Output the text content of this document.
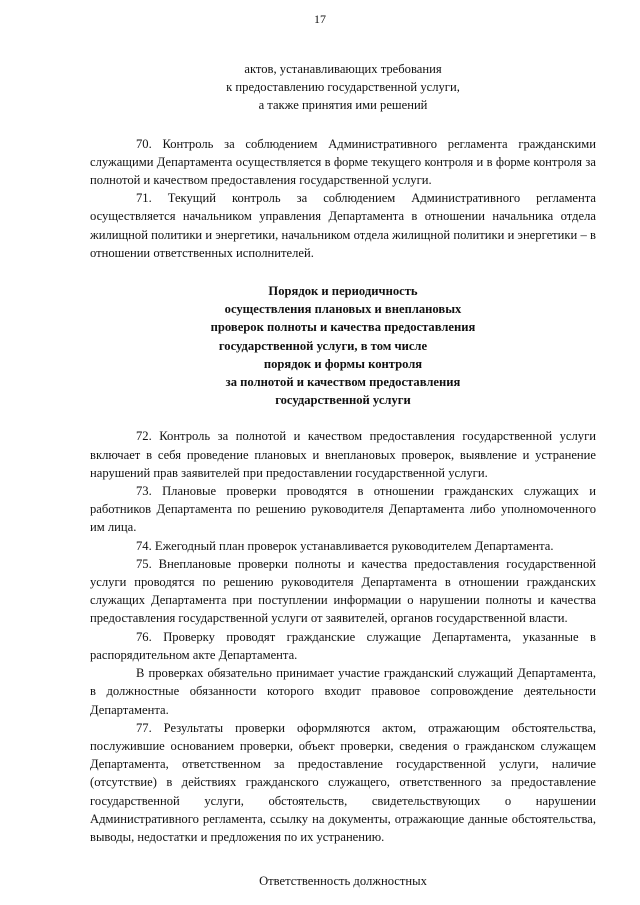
17
актов, устанавливающих требования
к предоставлению государственной услуги,
а также принятия ими решений

70. Контроль за соблюдением Административного регламента гражданскими служащими Департамента осуществляется в форме текущего контроля и в форме контроля за полнотой и качеством предоставления государственной услуги.

71. Текущий контроль за соблюдением Административного регламента осуществляется начальником управления Департамента в отношении начальника отдела жилищной политики и энергетики, начальником отдела жилищной политики и энергетики – в отношении ответственных исполнителей.

Порядок и периодичность
осуществления плановых и внеплановых
проверок полноты и качества предоставления
государственной услуги, в том числе
порядок и формы контроля
за полнотой и качеством предоставления
государственной услуги

72. Контроль за полнотой и качеством предоставления государственной услуги включает в себя проведение плановых и внеплановых проверок, выявление и устранение нарушений прав заявителей при предоставлении государственной услуги.

73. Плановые проверки проводятся в отношении гражданских служащих и работников Департамента по решению руководителя Департамента либо уполномоченного им лица.

74. Ежегодный план проверок устанавливается руководителем Департамента.

75. Внеплановые проверки полноты и качества предоставления государственной услуги проводятся по решению руководителя Департамента в отношении гражданских служащих Департамента при поступлении информации о нарушении полноты и качества предоставления государственной услуги от заявителей, органов государственной власти.

76. Проверку проводят гражданские служащие Департамента, указанные в распорядительном акте Департамента.

В проверках обязательно принимает участие гражданский служащий Департамента, в должностные обязанности которого входит правовое сопровождение деятельности Департамента.

77. Результаты проверки оформляются актом, отражающим обстоятельства, послужившие основанием проверки, объект проверки, сведения о гражданском служащем Департамента, ответственном за предоставление государственной услуги, наличие (отсутствие) в действиях гражданского служащего, ответственного за предоставление государственной услуги, обстоятельств, свидетельствующих о нарушении Административного регламента, ссылку на документы, отражающие данные обстоятельства, выводы, недостатки и предложения по их устранению.

Ответственность должностных
